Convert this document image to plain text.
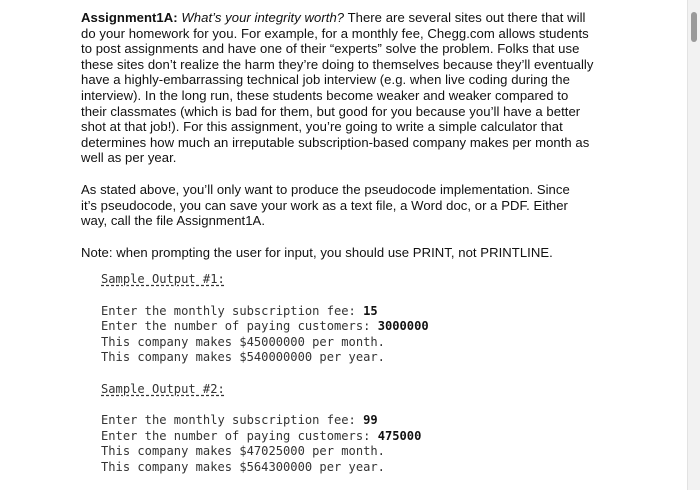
Assignment1A: What’s your integrity worth? There are several sites out there that will
do your homework for you. For example, for a monthly fee, Chegg.com allows students
to post assignments and have one of their “experts” solve the problem. Folks that use
these sites don’t realize the harm they’re doing to themselves because they’ll eventually
have a highly-embarrassing technical job interview (e.g. when live coding during the
interview). In the long run, these students become weaker and weaker compared to
their classmates (which is bad for them, but good for you because you’ll have a better
shot at that job!). For this assignment, you’re going to write a simple calculator that
determines how much an irreputable subscription-based company makes per month as
well as per year.

As stated above, you’ll only want to produce the pseudocode implementation. Since
it’s pseudocode, you can save your work as a text file, a Word doc, or a PDF. Either
way, call the file Assignment1A.

Note: when prompting the user for input, you should use PRINT, not PRINTLINE.

Sample Output #1:
Enter the monthly subscription fee: 15
Enter the number of paying customers: 3000000
This company makes $45000000 per month.
This company makes $540000000 per year.
Sample Output #2:
Enter the monthly subscription fee: 99
Enter the number of paying customers: 475000
This company makes $47025000 per month.
This company makes $564300000 per year.
